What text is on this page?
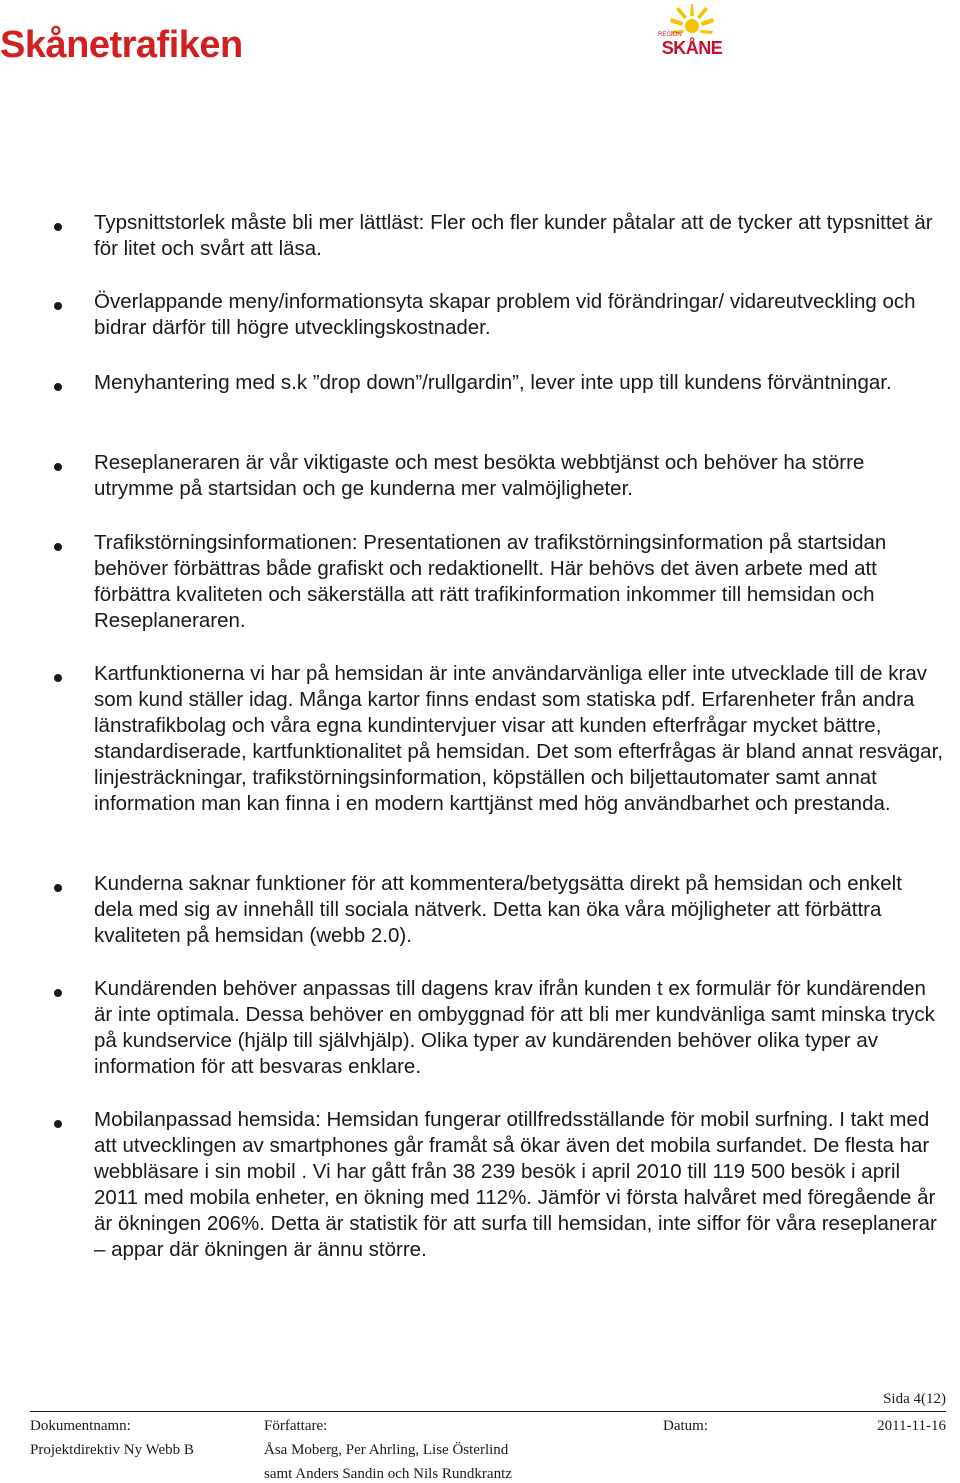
Skånetrafiken	REGION
SKÅNE
Typsnittstorlek måste bli mer lättläst: Fler och fler kunder påtalar att de tycker att typsnittet är för litet och svårt att läsa.
Överlappande meny/informationsyta skapar problem vid förändringar/ vidareutveckling och bidrar därför till högre utvecklingskostnader.
Menyhantering med s.k ”drop down”/rullgardin”, lever inte upp till kundens förväntningar.
Reseplaneraren är vår viktigaste och mest besökta webbtjänst och behöver ha större utrymme på startsidan och ge kunderna mer valmöjligheter.
Trafikstörningsinformationen: Presentationen av trafikstörningsinformation på startsidan behöver förbättras både grafiskt och redaktionellt. Här behövs det även arbete med att förbättra kvaliteten och säkerställa att rätt trafikinformation inkommer till hemsidan och Reseplaneraren.
Kartfunktionerna vi har på hemsidan är inte användarvänliga eller inte utvecklade till de krav som kund ställer idag. Många kartor finns endast som statiska pdf. Erfarenheter från andra länstrafikbolag och våra egna kundintervjuer visar att kunden efterfrågar mycket bättre, standardiserade, kartfunktionalitet på hemsidan. Det som efterfrågas är bland annat resvägar, linjesträckningar, trafikstörningsinformation, köpställen och biljettautomater samt annat information man kan finna i en modern karttjänst med hög användbarhet och prestanda.
Kunderna saknar funktioner för att kommentera/betygsätta direkt på hemsidan och enkelt dela med sig av innehåll till sociala nätverk. Detta kan öka våra möjligheter att förbättra kvaliteten på hemsidan (webb 2.0).
Kundärenden behöver anpassas till dagens krav ifrån kunden t ex formulär för kundärenden är inte optimala. Dessa behöver en ombyggnad för att bli mer kundvänliga samt minska tryck på kundservice (hjälp till självhjälp). Olika typer av kundärenden behöver olika typer av information för att besvaras enklare.
Mobilanpassad hemsida: Hemsidan fungerar otillfredsställande för mobil surfning. I takt med att utvecklingen av smartphones går framåt så ökar även det mobila surfandet. De flesta har webbläsare i sin mobil . Vi har gått från 38 239 besök i april 2010 till 119 500 besök i april 2011 med mobila enheter, en ökning med 112%. Jämför vi första halvåret med föregående år är ökningen 206%. Detta är statistik för att surfa till hemsidan, inte siffor för våra reseplanerar – appar där ökningen är ännu större.
Sida 4(12)
Dokumentnamn:
Projektdirektiv Ny Webb B
Författare:
Åsa Moberg, Per Ahrling, Lise Österlind
samt Anders Sandin och Nils Rundkrantz
Datum:	2011-11-16
